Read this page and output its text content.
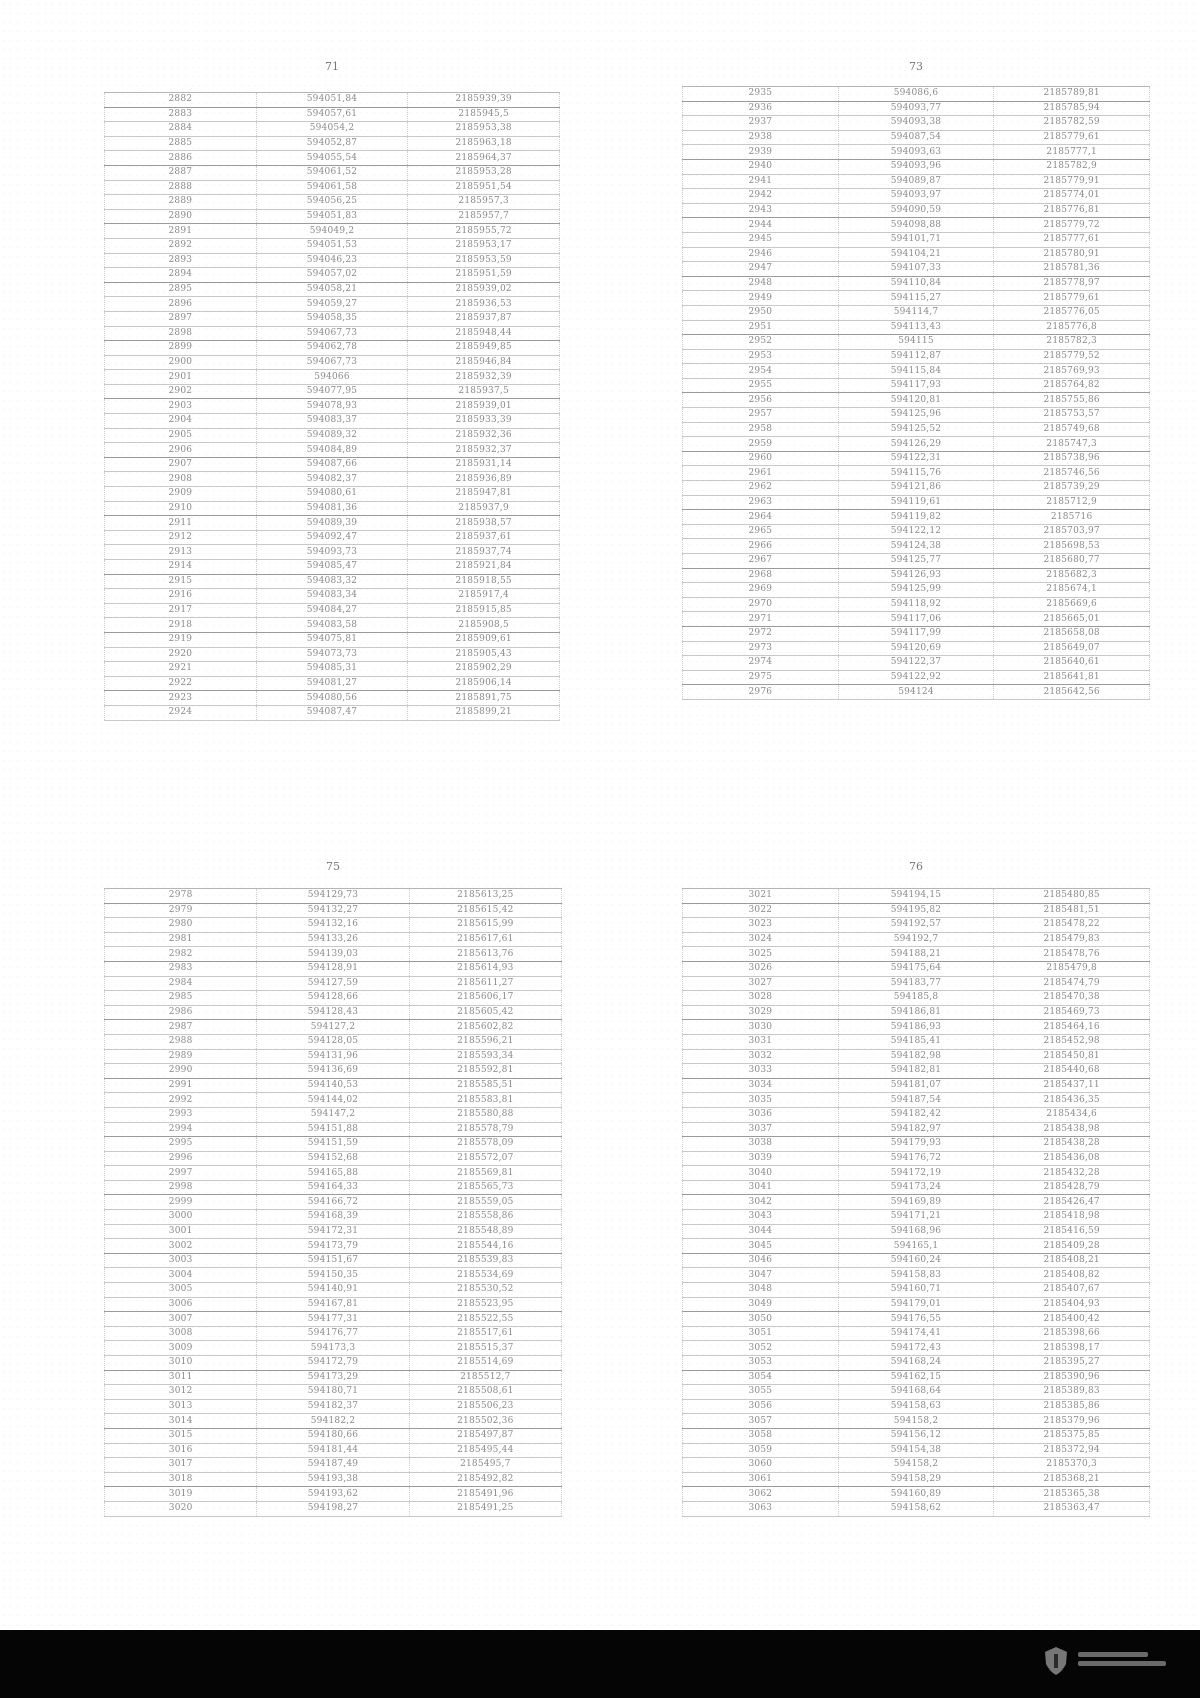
71
2882	594051,84	2185939,39
2883	594057,61	2185945,5
2884	594054,2	2185953,38
2885	594052,87	2185963,18
2886	594055,54	2185964,37
2887	594061,52	2185953,28
2888	594061,58	2185951,54
2889	594056,25	2185957,3
2890	594051,83	2185957,7
2891	594049,2	2185955,72
2892	594051,53	2185953,17
2893	594046,23	2185953,59
2894	594057,02	2185951,59
2895	594058,21	2185939,02
2896	594059,27	2185936,53
2897	594058,35	2185937,87
2898	594067,73	2185948,44
2899	594062,78	2185949,85
2900	594067,73	2185946,84
2901	594066	2185932,39
2902	594077,95	2185937,5
2903	594078,93	2185939,01
2904	594083,37	2185933,39
2905	594089,32	2185932,36
2906	594084,89	2185932,37
2907	594087,66	2185931,14
2908	594082,37	2185936,89
2909	594080,61	2185947,81
2910	594081,36	2185937,9
2911	594089,39	2185938,57
2912	594092,47	2185937,61
2913	594093,73	2185937,74
2914	594085,47	2185921,84
2915	594083,32	2185918,55
2916	594083,34	2185917,4
2917	594084,27	2185915,85
2918	594083,58	2185908,5
2919	594075,81	2185909,61
2920	594073,73	2185905,43
2921	594085,31	2185902,29
2922	594081,27	2185906,14
2923	594080,56	2185891,75
2924	594087,47	2185899,21
73
2935	594086,6	2185789,81
2936	594093,77	2185785,94
2937	594093,38	2185782,59
2938	594087,54	2185779,61
2939	594093,63	2185777,1
2940	594093,96	2185782,9
2941	594089,87	2185779,91
2942	594093,97	2185774,01
2943	594090,59	2185776,81
2944	594098,88	2185779,72
2945	594101,71	2185777,61
2946	594104,21	2185780,91
2947	594107,33	2185781,36
2948	594110,84	2185778,97
2949	594115,27	2185779,61
2950	594114,7	2185776,05
2951	594113,43	2185776,8
2952	594115	2185782,3
2953	594112,87	2185779,52
2954	594115,84	2185769,93
2955	594117,93	2185764,82
2956	594120,81	2185755,86
2957	594125,96	2185753,57
2958	594125,52	2185749,68
2959	594126,29	2185747,3
2960	594122,31	2185738,96
2961	594115,76	2185746,56
2962	594121,86	2185739,29
2963	594119,61	2185712,9
2964	594119,82	2185716
2965	594122,12	2185703,97
2966	594124,38	2185698,53
2967	594125,77	2185680,77
2968	594126,93	2185682,3
2969	594125,99	2185674,1
2970	594118,92	2185669,6
2971	594117,06	2185665,01
2972	594117,99	2185658,08
2973	594120,69	2185649,07
2974	594122,37	2185640,61
2975	594122,92	2185641,81
2976	594124	2185642,56
75
2978	594129,73	2185613,25
2979	594132,27	2185615,42
2980	594132,16	2185615,99
2981	594133,26	2185617,61
2982	594139,03	2185613,76
2983	594128,91	2185614,93
2984	594127,59	2185611,27
2985	594128,66	2185606,17
2986	594128,43	2185605,42
2987	594127,2	2185602,82
2988	594128,05	2185596,21
2989	594131,96	2185593,34
2990	594136,69	2185592,81
2991	594140,53	2185585,51
2992	594144,02	2185583,81
2993	594147,2	2185580,88
2994	594151,88	2185578,79
2995	594151,59	2185578,09
2996	594152,68	2185572,07
2997	594165,88	2185569,81
2998	594164,33	2185565,73
2999	594166,72	2185559,05
3000	594168,39	2185558,86
3001	594172,31	2185548,89
3002	594173,79	2185544,16
3003	594151,67	2185539,83
3004	594150,35	2185534,69
3005	594140,91	2185530,52
3006	594167,81	2185523,95
3007	594177,31	2185522,55
3008	594176,77	2185517,61
3009	594173,3	2185515,37
3010	594172,79	2185514,69
3011	594173,29	2185512,7
3012	594180,71	2185508,61
3013	594182,37	2185506,23
3014	594182,2	2185502,36
3015	594180,66	2185497,87
3016	594181,44	2185495,44
3017	594187,49	2185495,7
3018	594193,38	2185492,82
3019	594193,62	2185491,96
3020	594198,27	2185491,25
76
3021	594194,15	2185480,85
3022	594195,82	2185481,51
3023	594192,57	2185478,22
3024	594192,7	2185479,83
3025	594188,21	2185478,76
3026	594175,64	2185479,8
3027	594183,77	2185474,79
3028	594185,8	2185470,38
3029	594186,81	2185469,73
3030	594186,93	2185464,16
3031	594185,41	2185452,98
3032	594182,98	2185450,81
3033	594182,81	2185440,68
3034	594181,07	2185437,11
3035	594187,54	2185436,35
3036	594182,42	2185434,6
3037	594182,97	2185438,98
3038	594179,93	2185438,28
3039	594176,72	2185436,08
3040	594172,19	2185432,28
3041	594173,24	2185428,79
3042	594169,89	2185426,47
3043	594171,21	2185418,98
3044	594168,96	2185416,59
3045	594165,1	2185409,28
3046	594160,24	2185408,21
3047	594158,83	2185408,82
3048	594160,71	2185407,67
3049	594179,01	2185404,93
3050	594176,55	2185400,42
3051	594174,41	2185398,66
3052	594172,43	2185398,17
3053	594168,24	2185395,27
3054	594162,15	2185390,96
3055	594168,64	2185389,83
3056	594158,63	2185385,86
3057	594158,2	2185379,96
3058	594156,12	2185375,85
3059	594154,38	2185372,94
3060	594158,2	2185370,3
3061	594158,29	2185368,21
3062	594160,89	2185365,38
3063	594158,62	2185363,47
